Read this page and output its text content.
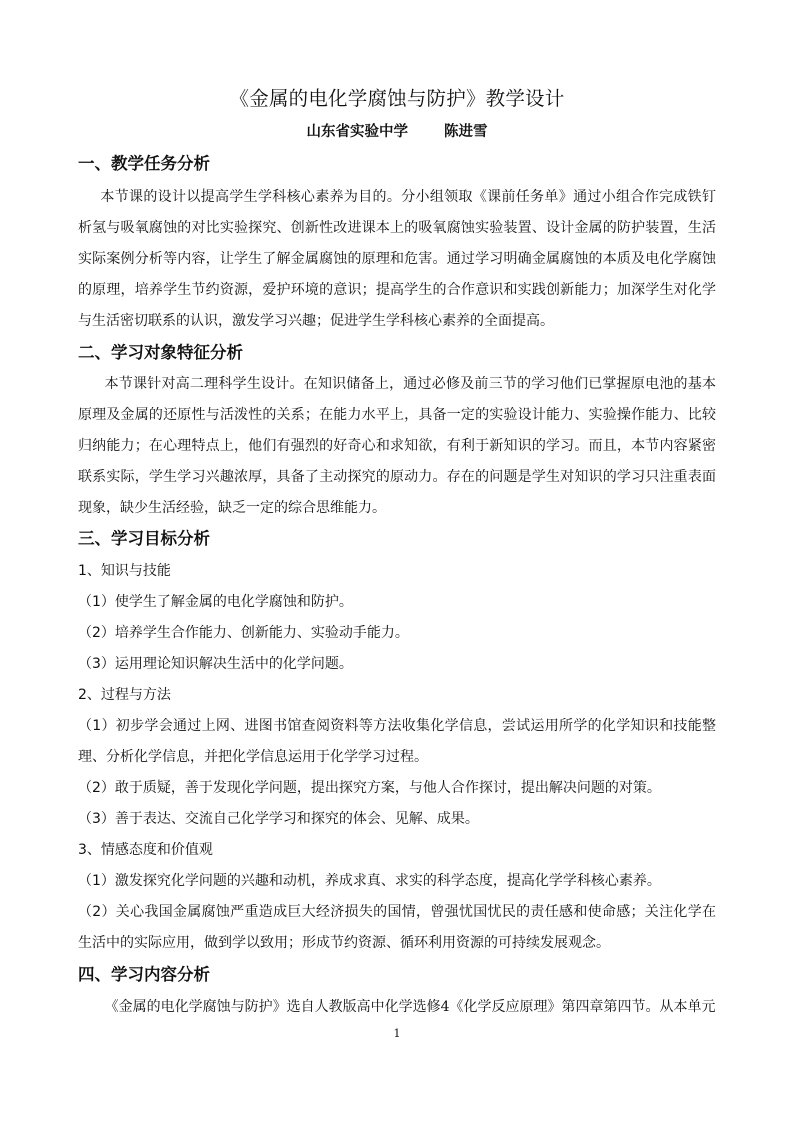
《金属的电化学腐蚀与防护》教学设计
山东省实验中学 陈进雪
一、教学任务分析

本节课的设计以提高学生学科核心素养为目的。分小组领取《课前任务单》通过小组合作完成铁钉析氢与吸氧腐蚀的对比实验探究、创新性改进课本上的吸氧腐蚀实验装置、设计金属的防护装置，生活实际案例分析等内容，让学生了解金属腐蚀的原理和危害。通过学习明确金属腐蚀的本质及电化学腐蚀的原理，培养学生节约资源，爱护环境的意识；提高学生的合作意识和实践创新能力；加深学生对化学与生活密切联系的认识，激发学习兴趣；促进学生学科核心素养的全面提高。

二、学习对象特征分析

本节课针对高二理科学生设计。在知识储备上，通过必修及前三节的学习他们已掌握原电池的基本原理及金属的还原性与活泼性的关系；在能力水平上，具备一定的实验设计能力、实验操作能力、比较归纳能力；在心理特点上，他们有强烈的好奇心和求知欲，有利于新知识的学习。而且，本节内容紧密联系实际，学生学习兴趣浓厚，具备了主动探究的原动力。存在的问题是学生对知识的学习只注重表面现象，缺少生活经验，缺乏一定的综合思维能力。

三、学习目标分析
1、知识与技能
（1）使学生了解金属的电化学腐蚀和防护。
（2）培养学生合作能力、创新能力、实验动手能力。
（3）运用理论知识解决生活中的化学问题。
2、过程与方法

（1）初步学会通过上网、进图书馆查阅资料等方法收集化学信息，尝试运用所学的化学知识和技能整理、分析化学信息，并把化学信息运用于化学学习过程。

（2）敢于质疑，善于发现化学问题，提出探究方案，与他人合作探讨，提出解决问题的对策。
（3）善于表达、交流自己化学学习和探究的体会、见解、成果。
3、情感态度和价值观
（1）激发探究化学问题的兴趣和动机，养成求真、求实的科学态度，提高化学学科核心素养。

（2）关心我国金属腐蚀严重造成巨大经济损失的国情，曾强忧国忧民的责任感和使命感；关注化学在生活中的实际应用，做到学以致用；形成节约资源、循环利用资源的可持续发展观念。

四、学习内容分析
《金属的电化学腐蚀与防护》选自人教版高中化学选修4《化学反应原理》第四章第四节。从本单元
1
